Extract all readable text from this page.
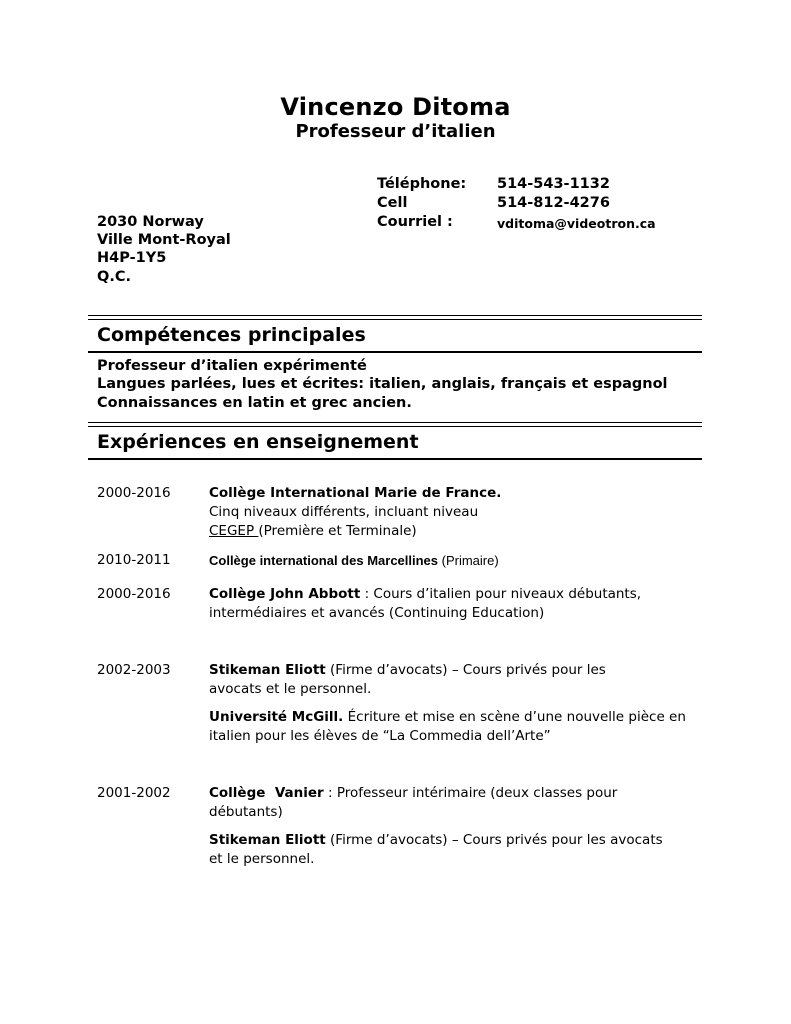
Vincenzo Ditoma
Professeur d’italien
Téléphone:	514-543-1132
Cell	514-812-4276
Courriel :	vditoma@videotron.ca
2030 Norway
Ville Mont-Royal
H4P-1Y5
Q.C.
Compétences principales
Professeur d’italien expérimenté
Langues parlées, lues et écrites: italien, anglais, français et espagnol
Connaissances en latin et grec ancien.
Expériences en enseignement
2000-2016	Collège International Marie de France.
Cinq niveaux différents, incluant niveau
CEGEP (Première et Terminale)
2010-2011	Collège international des Marcellines (Primaire)
2000-2016	Collège John Abbott : Cours d’italien pour niveaux débutants,
intermédiaires et avancés (Continuing Education)
2002-2003	Stikeman Eliott (Firme d’avocats) – Cours privés pour les
avocats et le personnel.
Université McGill. Écriture et mise en scène d’une nouvelle pièce en
italien pour les élèves de “La Commedia dell’Arte”
2001-2002	Collège  Vanier : Professeur intérimaire (deux classes pour
débutants)
Stikeman Eliott (Firme d’avocats) – Cours privés pour les avocats
et le personnel.
